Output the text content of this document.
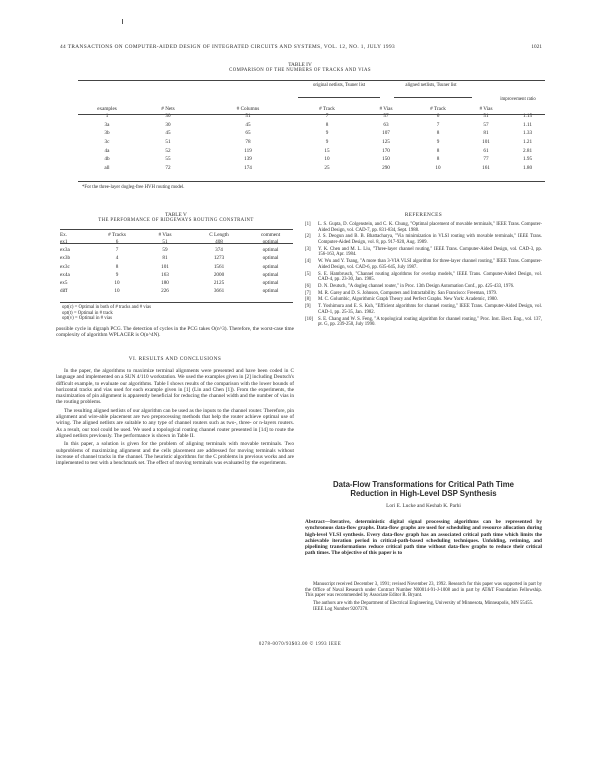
44 TRANSACTIONS ON COMPUTER-AIDED DESIGN OF INTEGRATED CIRCUITS AND SYSTEMS, VOL. 12, NO. 1, JULY 1993	1021
TABLE IV
COMPARISON OF THE NUMBERS OF TRACKS AND VIAS
original netlists, Tsuner list	aligned netlists, Tsuner list
improvement ratio
examples	# Nets	# Columns	# Track	# Vias	# Track	# Vias	
1	30	51	7	57	6	51	1.15
3a	30	45	8	63	7	57	1.11
3b	45	65	9	107	8	81	1.33
3c	51	78	9	125	9	101	1.21
4a	52	119	15	170	8	61	2.81
4b	55	139	10	150	8	77	1.95
all	72	174	25	290	10	161	1.80
*For the three-layer dogleg-free HVH routing model.
TABLE V
THE PERFORMANCE OF RIDGEWAYS ROUTING CONSTRAINT
Ex.	# Tracks	# Vias	C Length	comment
ex1	6	51	408	optimal
ex3a	7	59	374	optimal
ex3b	4	81	1273	optimal
ex3c	8	101	1561	optimal
ex4a	9	163	2000	optimal
ex5	10	180	2125	optimal
diff	10	226	3661	optimal
opt(c) = Optimal in both of # tracks and # vias
opt(t) = Optimal in # track
opt(v) = Optimal in # vias
possible cycle in digraph PCG. The detection of cycles in the PCG takes O(n^3). Therefore, the worst-case time complexity of algorithm WPLACER is O(n^4N).
VI. RESULTS AND CONCLUSIONS

In the paper, the algorithms to maximize terminal alignments were presented and have been coded in C language and implemented on a SUN 4/110 workstation. We used the examples given in [2] including Deutsch's difficult example, to evaluate our algorithms. Table I shows results of the comparison with the lower bounds of horizontal tracks and vias used for each example given in [1] (Lin and Chen [1]). From the experiments, the maximization of pin alignment is apparently beneficial for reducing the channel width and the number of vias in the routing problems.

The resulting aligned netlists of our algorithm can be used as the inputs to the channel router. Therefore, pin alignment and wire-able placement are two preprocessing methods that help the router achieve optimal use of wiring. The aligned netlists are suitable to any type of channel routers such as two-, three- or n-layers routers. As a result, our tool could be used. We used a topological routing channel router presented in [14] to route the aligned netlists previously. The performance is shown in Table II.

In this paper, a solution is given for the problem of aligning terminals with movable terminals. Two subproblems of maximizing alignment and the cells placement are addressed for moving terminals without increase of channel tracks in the channel. The heuristic algorithms for the C problems in previous works and are implemented to test with a benchmark set. The effect of moving terminals was evaluated by the experiments.

REFERENCES
[1]	L. S. Gupta, D. Colgenstein, and C. K. Chung, "Optimal placement of movable terminals," IEEE Trans. Computer-Aided Design, vol. CAD-7, pp. 831-834, Sept. 1988.
[2]	J. S. Deogun and B. B. Bhattacharya, "Via minimization in VLSI routing with movable terminals," IEEE Trans. Computer-Aided Design, vol. 8, pp. 917-920, Aug. 1989.
[3]	Y. K. Chen and M. L. Liu, "Three-layer channel routing," IEEE Trans. Computer-Aided Design, vol. CAD-3, pp. 156-163, Apr. 1984.
[4]	W. Wu and Y. Tsang, "A more than 3-VIA VLSI algorithm for three-layer channel routing," IEEE Trans. Computer-Aided Design, vol. CAD-6, pp. 635-645, July 1987.
[5]	S. E. Hambrusch, "Channel routing algorithms for overlap models," IEEE Trans. Computer-Aided Design, vol. CAD-4, pp. 23-30, Jan. 1985.
[6]	D. N. Deutsch, "A dogleg channel router," in Proc. 13th Design Automation Conf., pp. 425-433, 1976.
[7]	M. R. Garey and D. S. Johnson, Computers and Intractability. San Francisco: Freeman, 1979.
[8]	M. C. Golumbic, Algorithmic Graph Theory and Perfect Graphs. New York: Academic, 1980.
[9]	T. Yoshimura and E. S. Kuh, "Efficient algorithms for channel routing," IEEE Trans. Computer-Aided Design, vol. CAD-1, pp. 25-35, Jan. 1982.
[10]	S. E. Chang and W. S. Feng, "A topological routing algorithm for channel routing," Proc. Inst. Elect. Eng., vol. 137, pt. G, pp. 239-250, July 1990.
Data-Flow Transformations for Critical Path Time
Reduction in High-Level DSP Synthesis
Lori E. Lucke and Keshab K. Parhi
Abstract—Iterative, deterministic digital signal processing algorithms can be represented by synchronous data-flow graphs. Data-flow graphs are used for scheduling and resource allocation during high-level VLSI synthesis. Every data-flow graph has an associated critical path time which limits the achievable iteration period in critical-path-based scheduling techniques. Unfolding, retiming, and pipelining transformations reduce critical path time without data-flow graphs to reduce their critical path times. The objective of this paper is to

Manuscript received December 3, 1991; revised November 23, 1992. Research for this paper was supported in part by the Office of Naval Research under Contract Number N00014-91-J-1008 and in part by AT&T Foundation Fellowship. This paper was recommended by Associate Editor R. Bryant.

The authors are with the Department of Electrical Engineering, University of Minnesota, Minneapolis, MN 55455.

IEEE Log Number 9207378.

0278-0070/93$03.00 © 1993 IEEE
